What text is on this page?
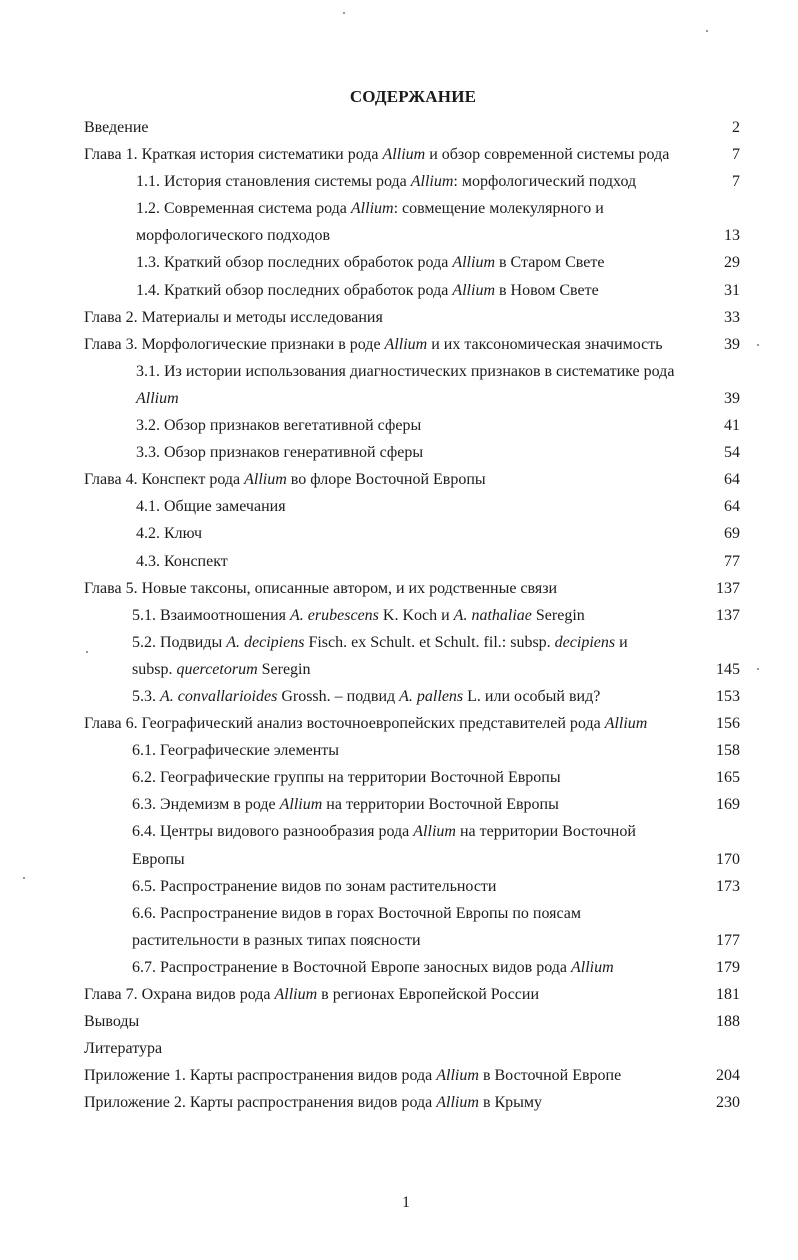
СОДЕРЖАНИЕ
Введение	2
Глава 1. Краткая история систематики рода Allium и обзор современной системы рода	7
1.1. История становления системы рода Allium: морфологический подход	7
1.2. Современная система рода Allium: совмещение молекулярного и
морфологического подходов	13
1.3. Краткий обзор последних обработок рода Allium в Старом Свете	29
1.4. Краткий обзор последних обработок рода Allium в Новом Свете	31
Глава 2. Материалы и методы исследования	33
Глава 3. Морфологические признаки в роде Allium и их таксономическая значимость	39
3.1. Из истории использования диагностических признаков в систематике рода
Allium	39
3.2. Обзор признаков вегетативной сферы	41
3.3. Обзор признаков генеративной сферы	54
Глава 4. Конспект рода Allium во флоре Восточной Европы	64
4.1. Общие замечания	64
4.2. Ключ	69
4.3. Конспект	77
Глава 5. Новые таксоны, описанные автором, и их родственные связи	137
5.1. Взаимоотношения A. erubescens K. Koch и A. nathaliae Seregin	137
5.2. Подвиды A. decipiens Fisch. ex Schult. et Schult. fil.: subsp. decipiens и
subsp. quercetorum Seregin	145
5.3. A. convallarioides Grossh. – подвид A. pallens L. или особый вид?	153
Глава 6. Географический анализ восточноевропейских представителей рода Allium	156
6.1. Географические элементы	158
6.2. Географические группы на территории Восточной Европы	165
6.3. Эндемизм в роде Allium на территории Восточной Европы	169
6.4. Центры видового разнообразия рода Allium на территории Восточной
Европы	170
6.5. Распространение видов по зонам растительности	173
6.6. Распространение видов в горах Восточной Европы по поясам
растительности в разных типах поясности	177
6.7. Распространение в Восточной Европе заносных видов рода Allium	179
Глава 7. Охрана видов рода Allium в регионах Европейской России	181
Выводы	188
Литература
Приложение 1. Карты распространения видов рода Allium в Восточной Европе	204
Приложение 2. Карты распространения видов рода Allium в Крыму	230
1
